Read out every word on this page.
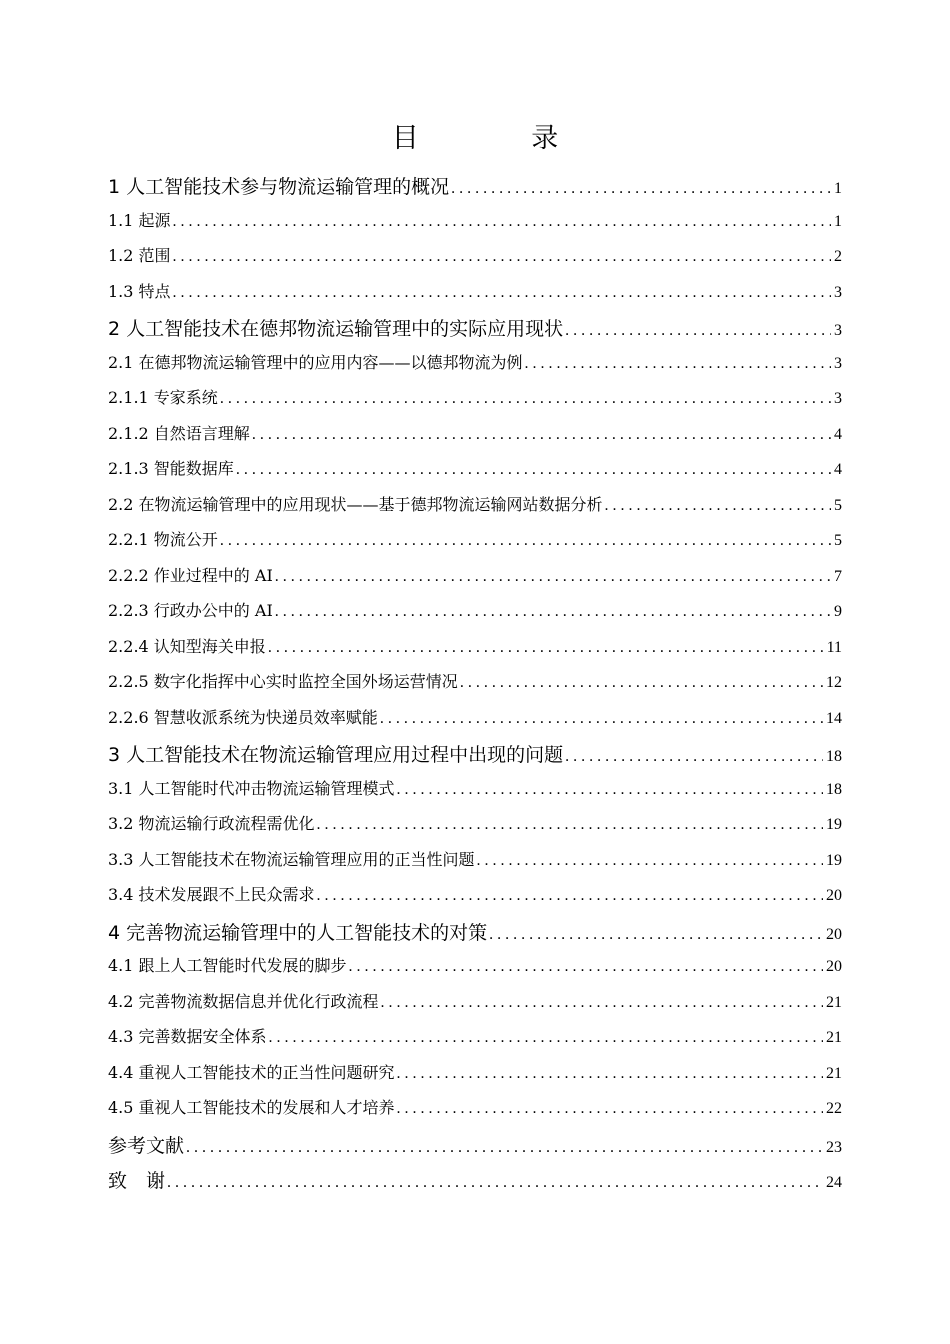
目 录
1 人工智能技术参与物流运输管理的概况 . . .	1
1.1 起源 . . .	1
1.2 范围 . . .	2
1.3 特点 . . .	3
2 人工智能技术在德邦物流运输管理中的实际应用现状 . . .	3
2.1 在德邦物流运输管理中的应用内容——以德邦物流为例 . . .	3
2.1.1 专家系统 . . .	3
2.1.2 自然语言理解 . . .	4
2.1.3 智能数据库 . . .	4
2.2 在物流运输管理中的应用现状——基于德邦物流运输网站数据分析 . . .	5
2.2.1 物流公开 . . .	5
2.2.2 作业过程中的 AI . . .	7
2.2.3 行政办公中的 AI . . .	9
2.2.4 认知型海关申报 . . .	11
2.2.5 数字化指挥中心实时监控全国外场运营情况 . . .	12
2.2.6 智慧收派系统为快递员效率赋能 . . .	14
3 人工智能技术在物流运输管理应用过程中出现的问题 . . .	18
3.1 人工智能时代冲击物流运输管理模式 . . .	18
3.2 物流运输行政流程需优化 . . .	19
3.3 人工智能技术在物流运输管理应用的正当性问题 . . .	19
3.4 技术发展跟不上民众需求 . . .	20
4 完善物流运输管理中的人工智能技术的对策 . . .	20
4.1 跟上人工智能时代发展的脚步 . . .	20
4.2 完善物流数据信息并优化行政流程 . . .	21
4.3 完善数据安全体系 . . .	21
4.4 重视人工智能技术的正当性问题研究 . . .	21
4.5 重视人工智能技术的发展和人才培养 . . .	22
参考文献 . . .	23
致　谢 . . .	24
